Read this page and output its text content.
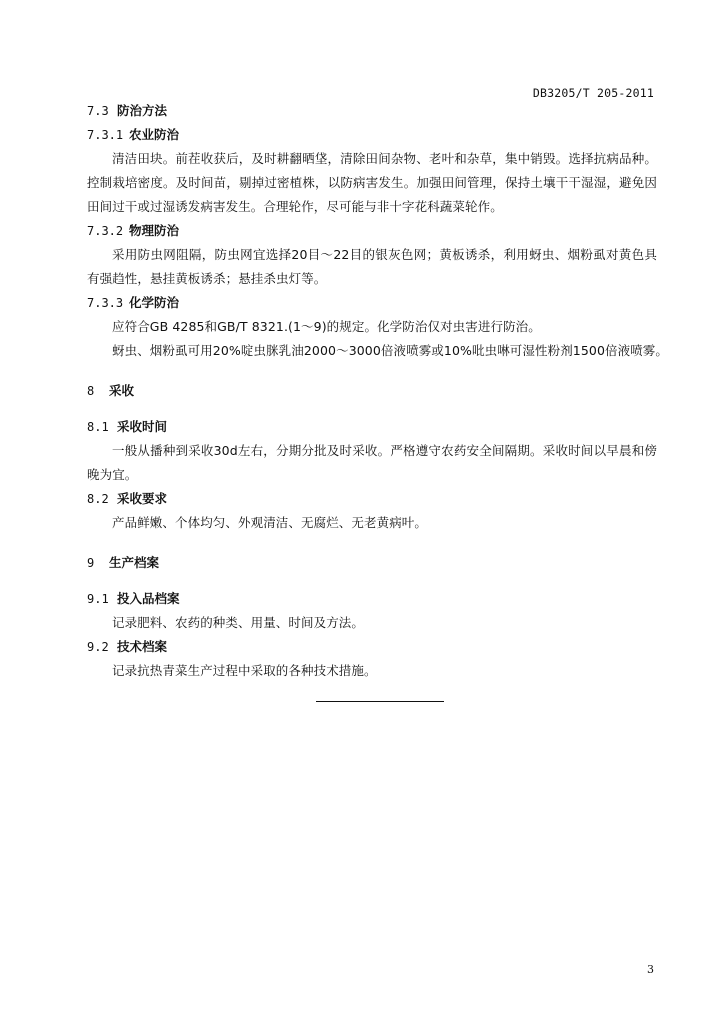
DB3205/T 205-2011

7.3 防治方法

7.3.1 农业防治

清洁田块。前茬收获后，及时耕翻晒垡，清除田间杂物、老叶和杂草，集中销毁。选择抗病品种。控制栽培密度。及时间苗，剔掉过密植株，以防病害发生。加强田间管理，保持土壤干干湿湿，避免因田间过干或过湿诱发病害发生。合理轮作，尽可能与非十字花科蔬菜轮作。

7.3.2 物理防治

采用防虫网阻隔，防虫网宜选择20目～22目的银灰色网；黄板诱杀，利用蚜虫、烟粉虱对黄色具有强趋性，悬挂黄板诱杀；悬挂杀虫灯等。

7.3.3 化学防治

应符合GB 4285和GB/T 8321.(1～9)的规定。化学防治仅对虫害进行防治。

蚜虫、烟粉虱可用20%啶虫脒乳油2000～3000倍液喷雾或10%吡虫啉可湿性粉剂1500倍液喷雾。

8 采收

8.1 采收时间

一般从播种到采收30d左右，分期分批及时采收。严格遵守农药安全间隔期。采收时间以早晨和傍晚为宜。

8.2 采收要求

产品鲜嫩、个体均匀、外观清洁、无腐烂、无老黄病叶。

9 生产档案

9.1 投入品档案

记录肥料、农药的种类、用量、时间及方法。

9.2 技术档案

记录抗热青菜生产过程中采取的各种技术措施。

3
